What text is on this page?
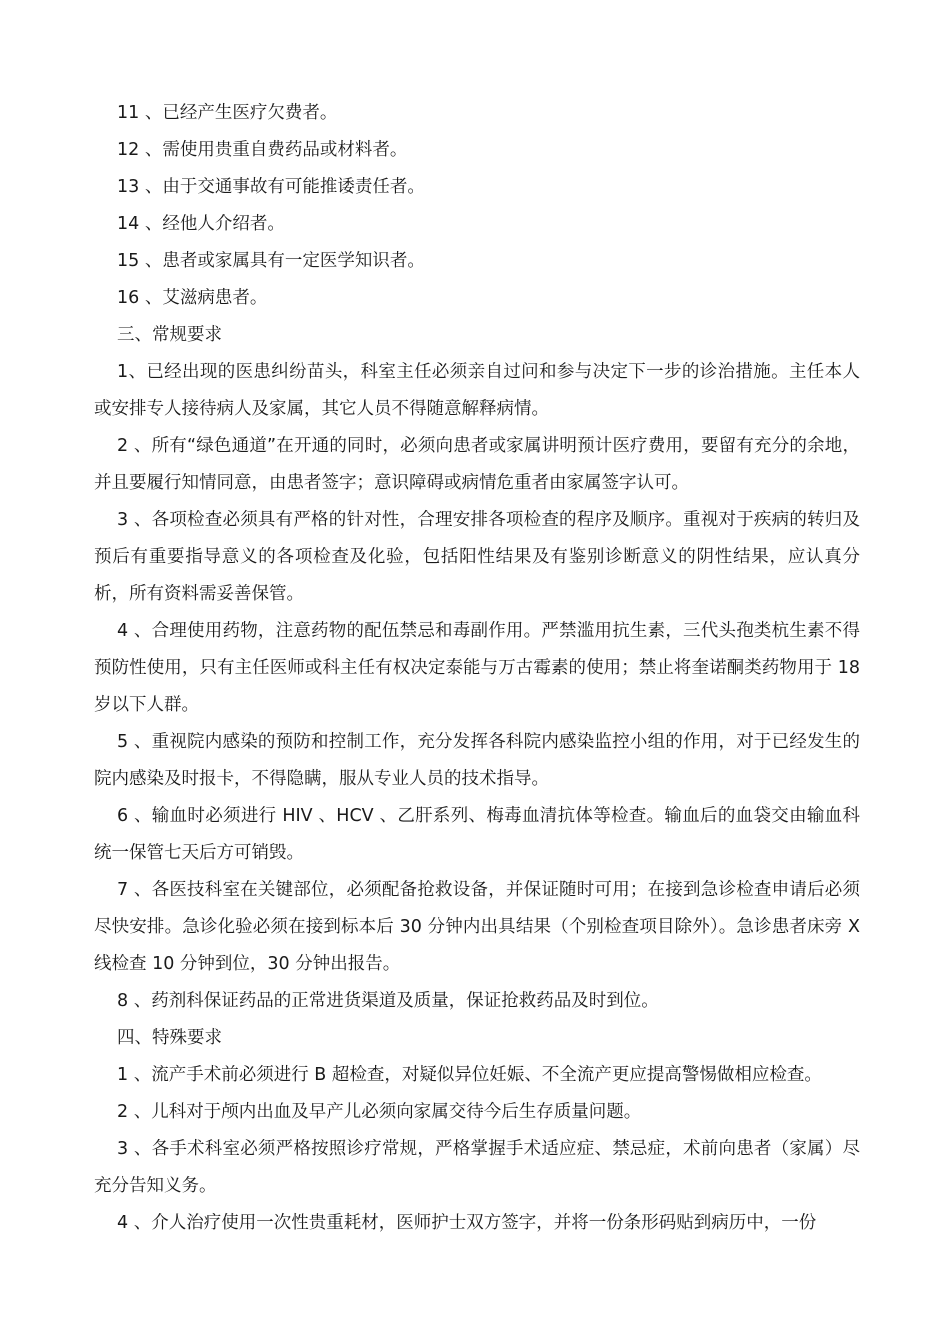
11 、已经产生医疗欠费者。

12 、需使用贵重自费药品或材料者。

13 、由于交通事故有可能推诿责任者。

14 、经他人介绍者。

15 、患者或家属具有一定医学知识者。

16 、艾滋病患者。

三、常规要求

1、已经出现的医患纠纷苗头，科室主任必须亲自过问和参与决定下一步的诊治措施。主任本人或安排专人接待病人及家属，其它人员不得随意解释病情。

2 、所有“绿色通道”在开通的同时，必须向患者或家属讲明预计医疗费用，要留有充分的余地，并且要履行知情同意，由患者签字；意识障碍或病情危重者由家属签字认可。

3 、各项检查必须具有严格的针对性，合理安排各项检查的程序及顺序。重视对于疾病的转归及预后有重要指导意义的各项检查及化验，包括阳性结果及有鉴别诊断意义的阴性结果，应认真分析，所有资料需妥善保管。

4 、合理使用药物，注意药物的配伍禁忌和毒副作用。严禁滥用抗生素，三代头孢类杭生素不得预防性使用，只有主任医师或科主任有权决定泰能与万古霉素的使用；禁止将奎诺酮类药物用于 18 岁以下人群。

5 、重视院内感染的预防和控制工作，充分发挥各科院内感染监控小组的作用，对于已经发生的院内感染及时报卡，不得隐瞒，服从专业人员的技术指导。

6 、输血时必须进行 HIV 、HCV 、乙肝系列、梅毒血清抗体等检查。输血后的血袋交由输血科统一保管七天后方可销毁。

7 、各医技科室在关键部位，必须配备抢救设备，并保证随时可用；在接到急诊检查申请后必须尽快安排。急诊化验必须在接到标本后 30 分钟内出具结果（个别检查项目除外）。急诊患者床旁 X 线检查 10 分钟到位，30 分钟出报告。

8 、药剂科保证药品的正常进货渠道及质量，保证抢救药品及时到位。

四、特殊要求

1 、流产手术前必须进行 B 超检查，对疑似异位妊娠、不全流产更应提高警惕做相应检查。

2 、儿科对于颅内出血及早产儿必须向家属交待今后生存质量问题。

3 、各手术科室必须严格按照诊疗常规，严格掌握手术适应症、禁忌症，术前向患者（家属）尽充分告知义务。

4 、介人治疗使用一次性贵重耗材，医师护士双方签字，并将一份条形码贴到病历中，一份
